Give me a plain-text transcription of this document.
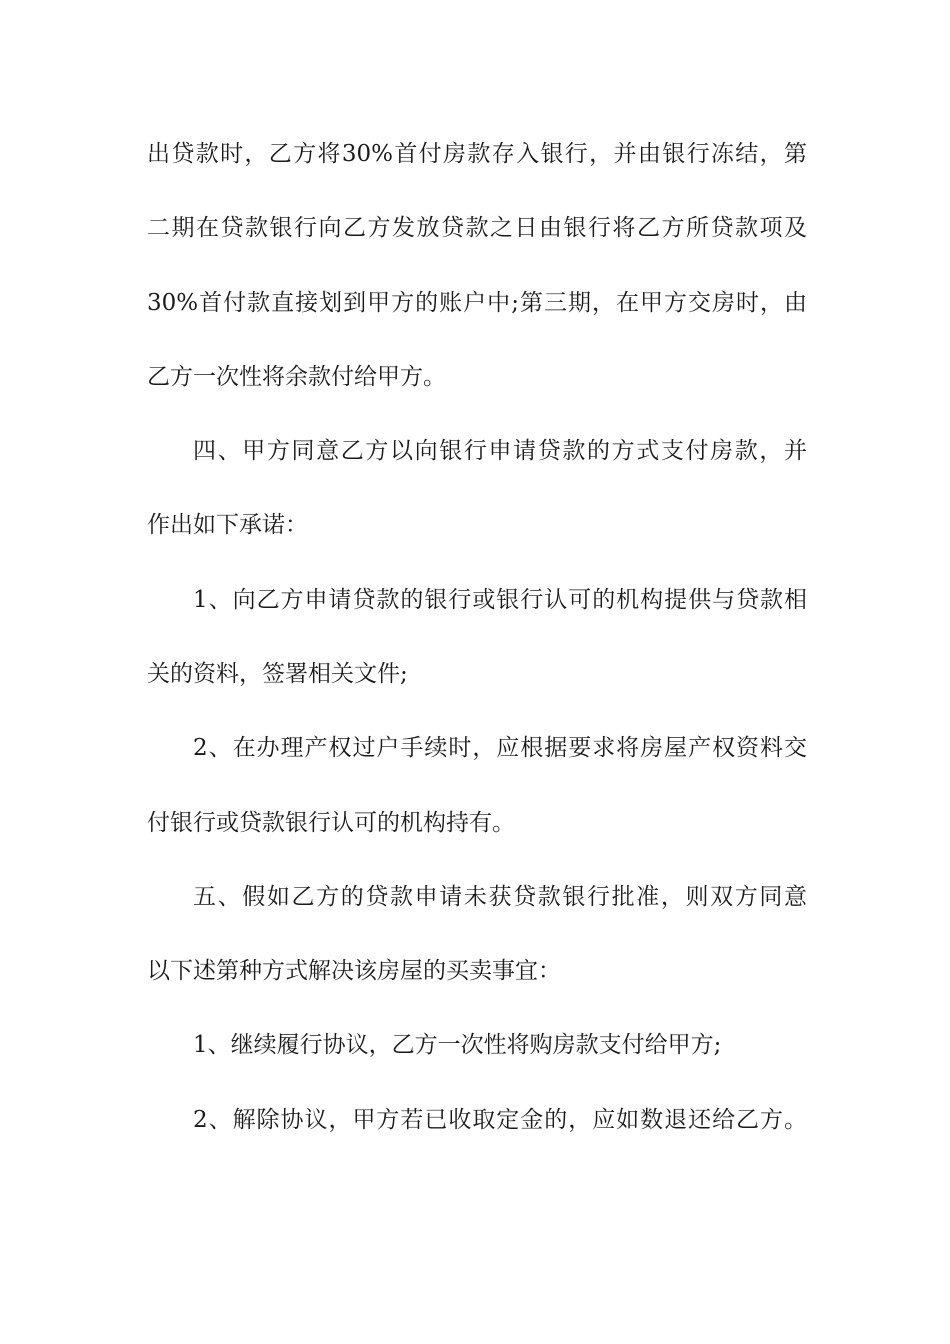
出贷款时，乙方将30%首付房款存入银行，并由银行冻结，第
二期在贷款银行向乙方发放贷款之日由银行将乙方所贷款项及
30%首付款直接划到甲方的账户中;第三期，在甲方交房时，由
乙方一次性将余款付给甲方。
四、甲方同意乙方以向银行申请贷款的方式支付房款，并
作出如下承诺：
1、向乙方申请贷款的银行或银行认可的机构提供与贷款相
关的资料，签署相关文件;
2、在办理产权过户手续时，应根据要求将房屋产权资料交
付银行或贷款银行认可的机构持有。
五、假如乙方的贷款申请未获贷款银行批准，则双方同意
以下述第种方式解决该房屋的买卖事宜：
1、继续履行协议，乙方一次性将购房款支付给甲方;
2、解除协议，甲方若已收取定金的，应如数退还给乙方。
